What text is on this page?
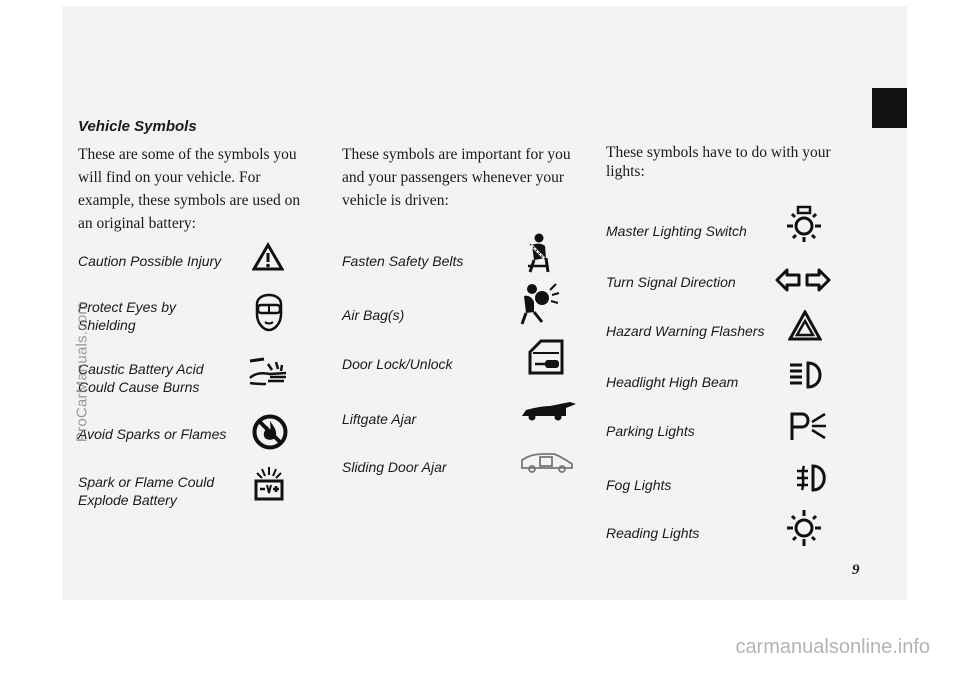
Vehicle Symbols
These are some of the symbols you will find on your vehicle. For example, these symbols are used on an original battery:
Caution Possible Injury
Protect Eyes by Shielding
Caustic Battery Acid Could Cause Burns
Avoid Sparks or Flames
Spark or Flame Could Explode Battery
These symbols are important for you and your passengers whenever your vehicle is driven:
Fasten Safety Belts
Air Bag(s)
Door Lock/Unlock
Liftgate Ajar
Sliding Door Ajar
These symbols have to do with your lights:
Master Lighting Switch
Turn Signal Direction
Hazard Warning Flashers
Headlight High Beam
Parking Lights
Fog Lights
Reading Lights
9
ProCarManuals.com
carmanualsonline.info
